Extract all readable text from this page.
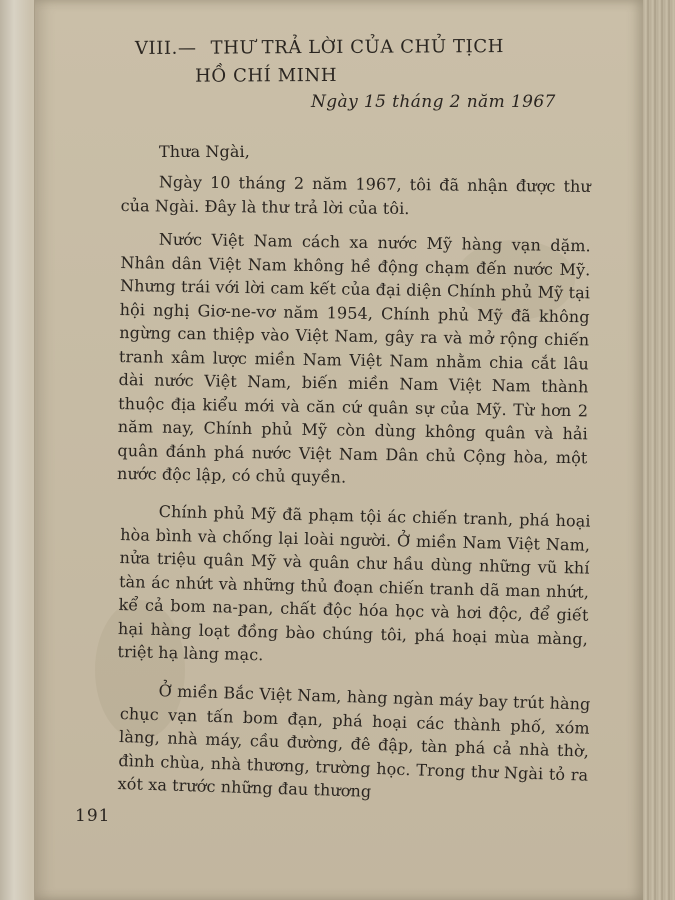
VIII.— THƯ TRẢ LỜI CỦA CHỦ TỊCH
HỒ CHÍ MINH
Ngày 15 tháng 2 năm 1967

Thưa Ngài,

Ngày 10 tháng 2 năm 1967, tôi đã nhận được thư của Ngài. Đây là thư trả lời của tôi.

Nước Việt Nam cách xa nước Mỹ hàng vạn dặm. Nhân dân Việt Nam không hề động chạm đến nước Mỹ. Nhưng trái với lời cam kết của đại diện Chính phủ Mỹ tại hội nghị Giơ-ne-vơ năm 1954, Chính phủ Mỹ đã không ngừng can thiệp vào Việt Nam, gây ra và mở rộng chiến tranh xâm lược miền Nam Việt Nam nhằm chia cắt lâu dài nước Việt Nam, biến miền Nam Việt Nam thành thuộc địa kiểu mới và căn cứ quân sự của Mỹ. Từ hơn 2 năm nay, Chính phủ Mỹ còn dùng không quân và hải quân đánh phá nước Việt Nam Dân chủ Cộng hòa, một nước độc lập, có chủ quyền.

Chính phủ Mỹ đã phạm tội ác chiến tranh, phá hoại hòa bình và chống lại loài người. Ở miền Nam Việt Nam, nửa triệu quân Mỹ và quân chư hầu dùng những vũ khí tàn ác nhứt và những thủ đoạn chiến tranh dã man nhứt, kể cả bom na-pan, chất độc hóa học và hơi độc, để giết hại hàng loạt đồng bào chúng tôi, phá hoại mùa màng, triệt hạ làng mạc.

Ở miền Bắc Việt Nam, hàng ngàn máy bay trút hàng chục vạn tấn bom đạn, phá hoại các thành phố, xóm làng, nhà máy, cầu đường, đê đập, tàn phá cả nhà thờ, đình chùa, nhà thương, trường học. Trong thư Ngài tỏ ra xót xa trước những đau thương

191
